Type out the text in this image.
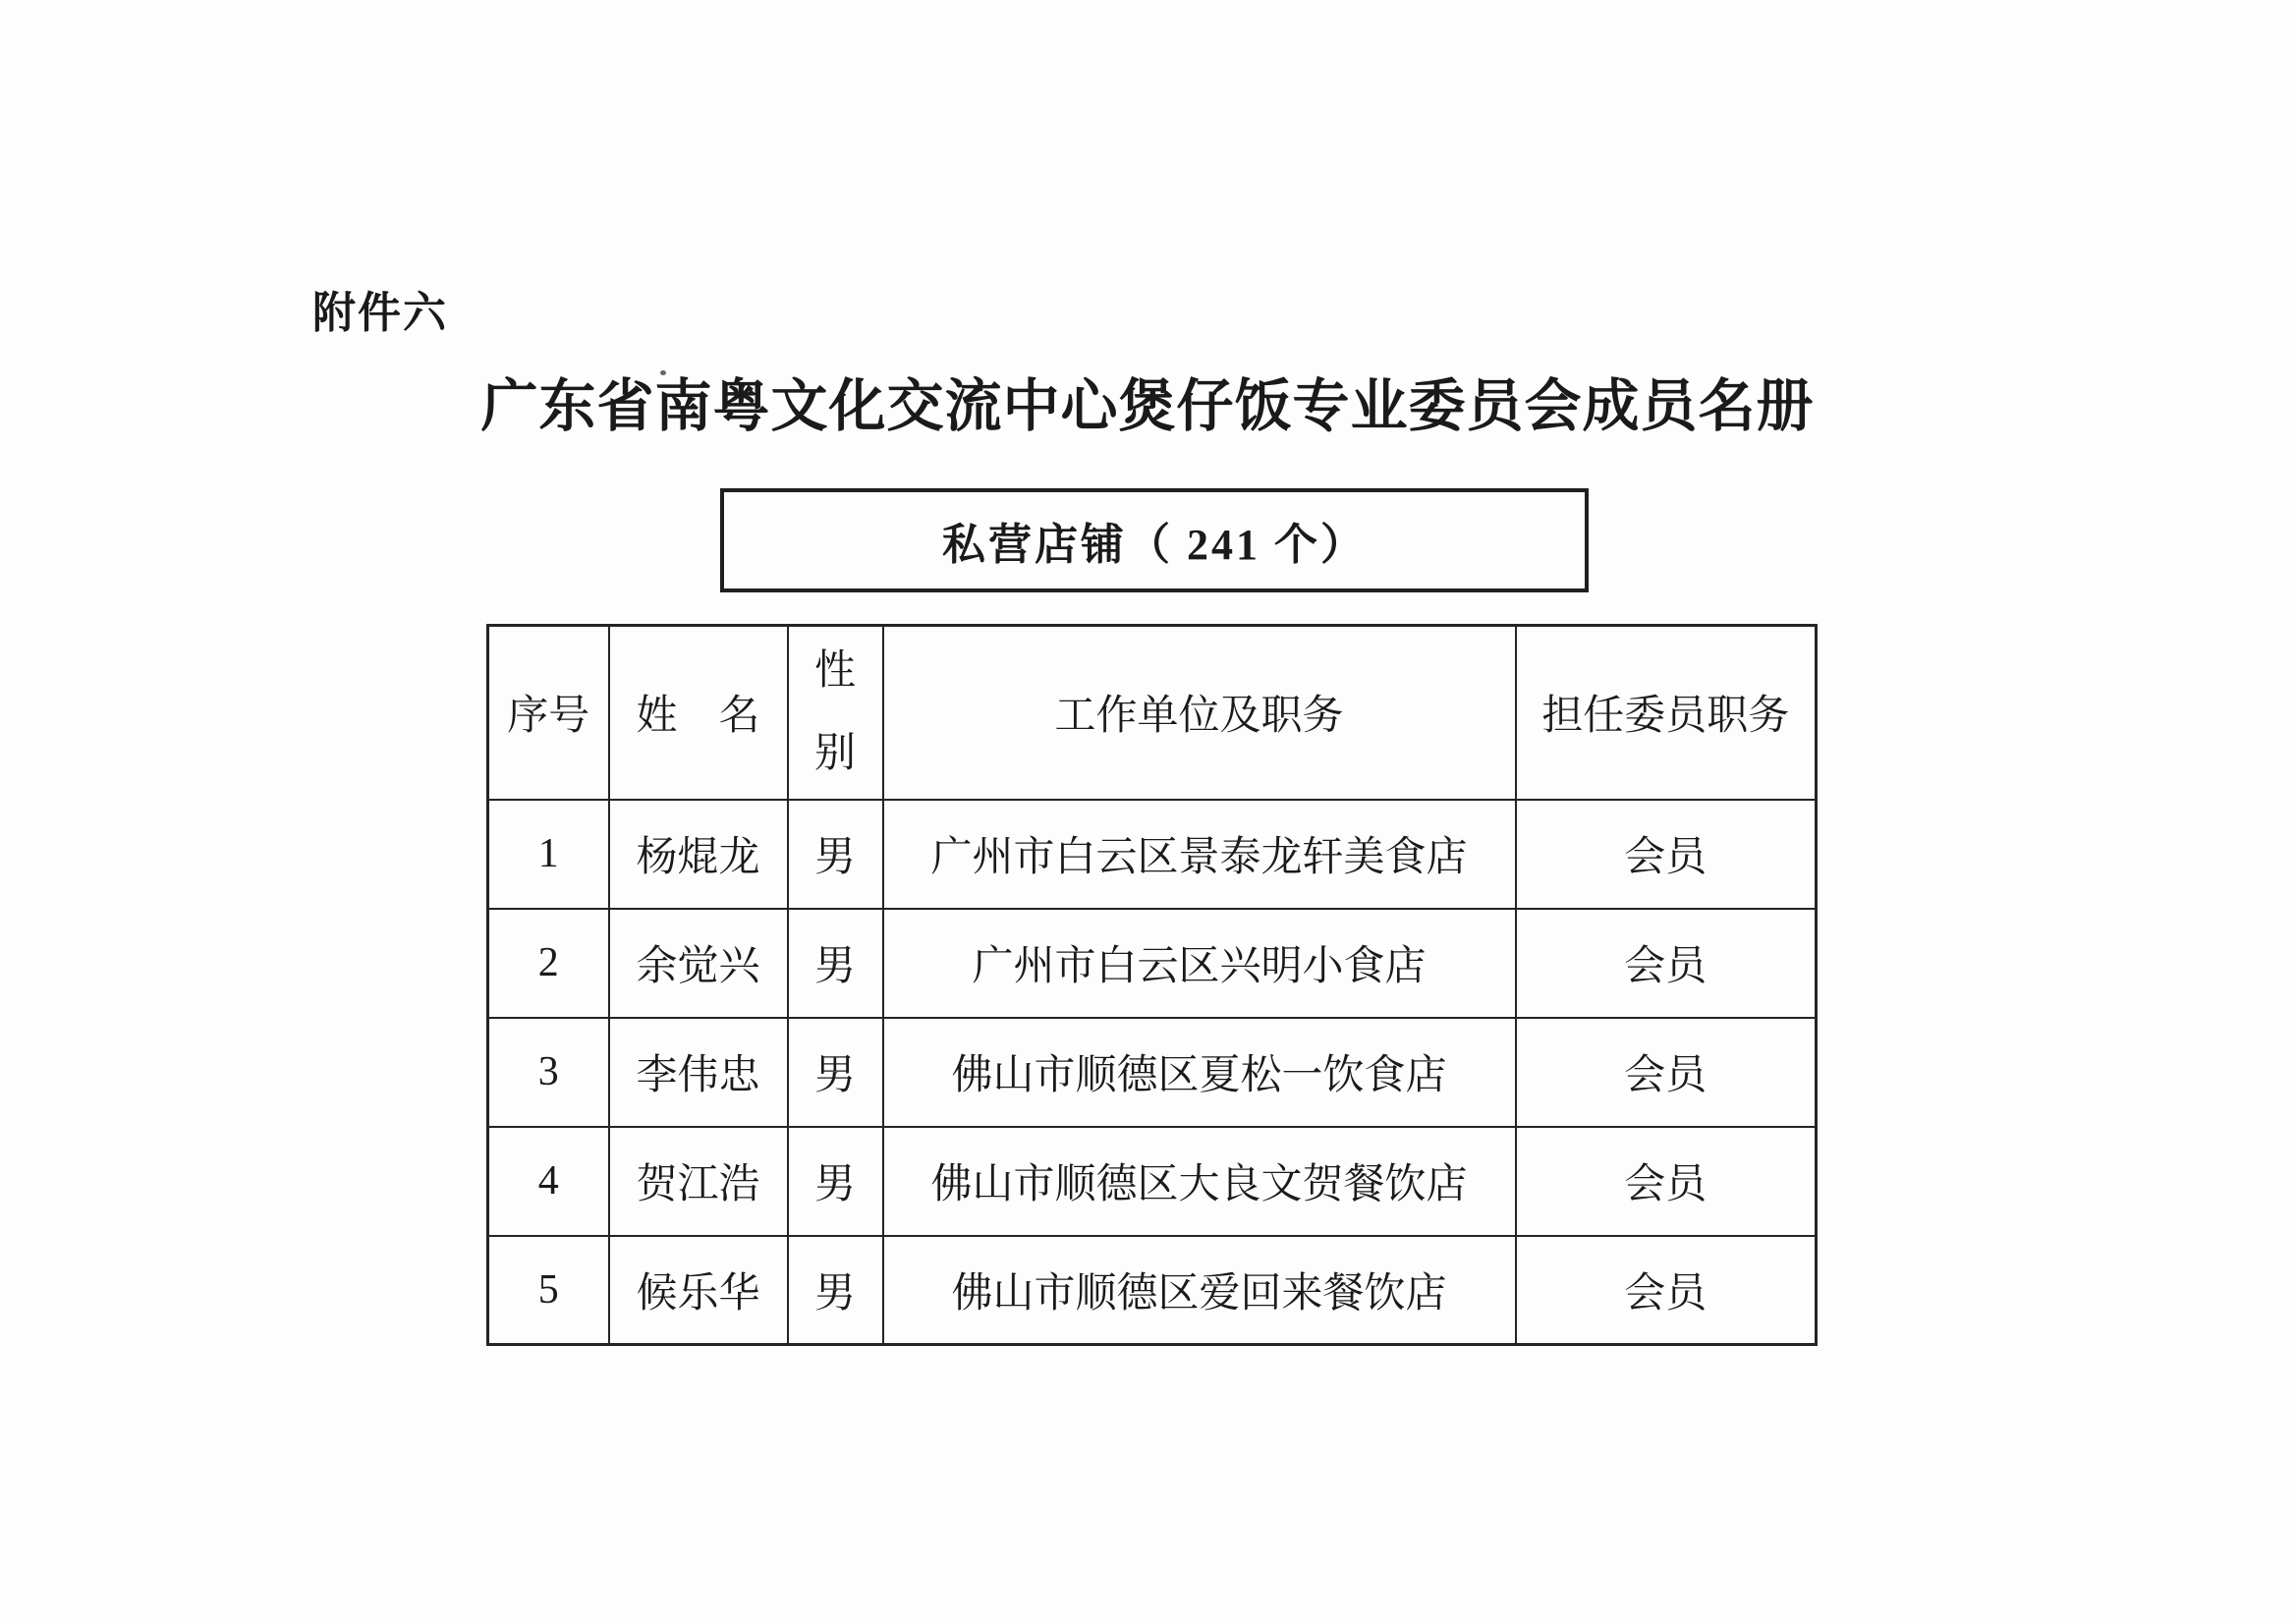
附件六
广东省南粤文化交流中心煲仔饭专业委员会成员名册
私营店铺（ 241 个）
序号	姓　名	性别	工作单位及职务	担任委员职务
1	杨焜龙	男	广州市白云区景泰龙轩美食店	会员
2	余觉兴	男	广州市白云区兴明小食店	会员
3	李伟忠	男	佛山市顺德区夏松一饮食店	会员
4	贺江浩	男	佛山市顺德区大良文贺餐饮店	会员
5	候乐华	男	佛山市顺德区爱回来餐饮店	会员
